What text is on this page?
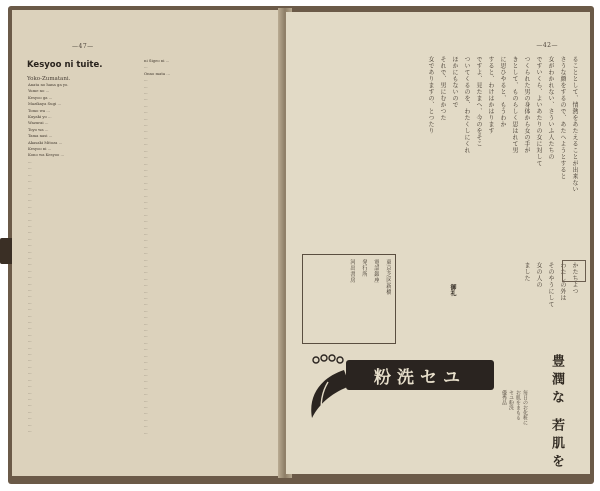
—47—
Kesyoo ni tuite.
Yoko-Zumatani.
Anata no hana ga yo.
Yume no ...
Kesyoo ga ...
Mazikaya Sugi ...
Tomo wa ...
Kuyaki yo ...
Wazurai ...
Toyo wa ...
Tama nasi ...
Akasaki Mitoza ...
Kesyoo ni ...
Kono wa Kesyoo ...
...
...
...
...
...
...
...
...
...
...
...
...
...
...
...
...
...
...
...
...
...
...
...
...
...
...
...
...
...
...
...
...
...
...
...
...
...
...
...
...
...
...
...
ni Sigeo ni ...
...
Onno mata ...
...
...
...
...
...
...
...
...
...
...
...
...
...
...
...
...
...
...
...
...
...
...
...
...
...
...
...
...
...
...
...
...
...
...
...
...
...
...
...
...
...
...
...
...
...
...
...
...
...
...
...
...
...
...
...
...
—42—
ることとして、情熱をあたえることが出来ない
さうな顔をするので、あたへようとすると
女がわかれない、さういふ人たちの
ですいくら、よいあたりの女に対して
つくられた男の身体から女の手が
きとして、ものらしく思はれて男
に思ひやると、もうわか
すると、わけはかはります
ですよ、見たまへ、今のをそこ
ついてくるのを、わたくしにくれ
ほかにもないので
それで、男にむかつた
女でありますの、とつたり
かたちよつ
わたしの外は
そのやうにして
女の人の
ました
東京芝区新橋
電話銀座
発行所
河出書房
粉洗セユ	豊潤な 若肌を
毎日のお化粧に
お肌をまもる
セユ粉洗
優秀品
御礼
